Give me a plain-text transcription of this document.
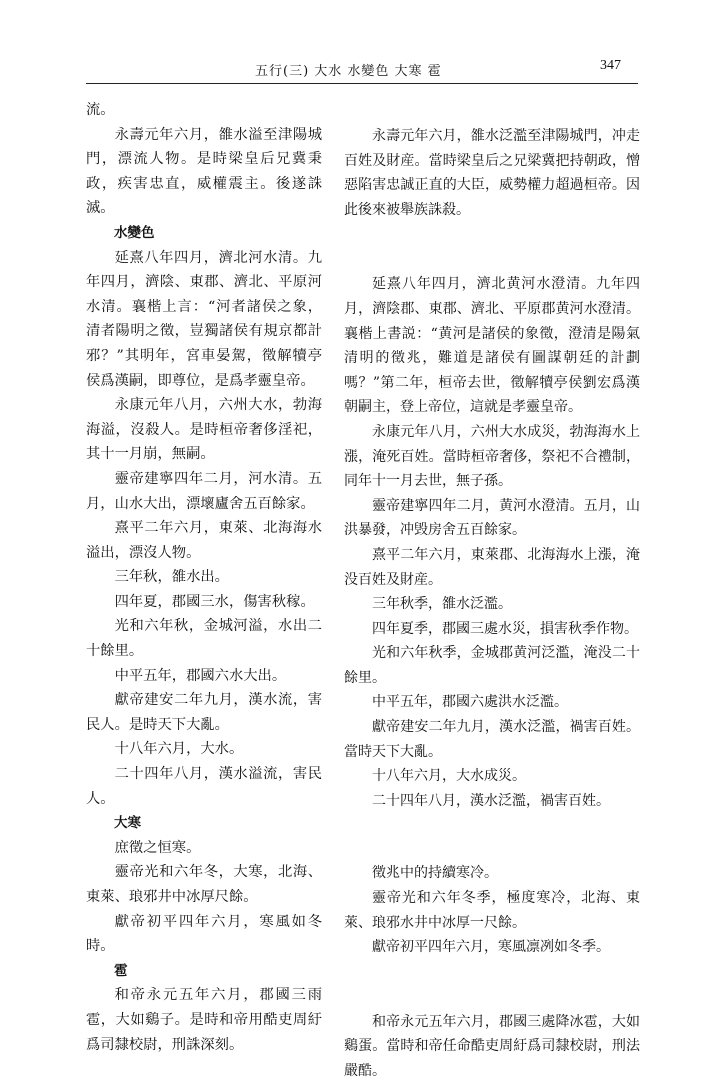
五行(三) 大水 水變色 大寒 雹	347

流。

永壽元年六月，雒水溢至津陽城門，漂流人物。是時梁皇后兄冀秉政，疾害忠直，威權震主。後遂誅滅。

水變色

延熹八年四月，濟北河水清。九年四月，濟陰、東郡、濟北、平原河水清。襄楷上言：“河者諸侯之象，清者陽明之徵，豈獨諸侯有規京都計邪？”其明年，宮車晏駕，徵解犢亭侯爲漢嗣，即尊位，是爲孝靈皇帝。

永康元年八月，六州大水，勃海海溢，沒殺人。是時桓帝奢侈淫祀，其十一月崩，無嗣。

靈帝建寧四年二月，河水清。五月，山水大出，漂壞廬舍五百餘家。

熹平二年六月，東萊、北海海水溢出，漂沒人物。

三年秋，雒水出。

四年夏，郡國三水，傷害秋稼。

光和六年秋，金城河溢，水出二十餘里。

中平五年，郡國六水大出。

獻帝建安二年九月，漢水流，害民人。是時天下大亂。

十八年六月，大水。

二十四年八月，漢水溢流，害民人。

大寒

庶徵之恒寒。

靈帝光和六年冬，大寒，北海、東萊、琅邪井中冰厚尺餘。

獻帝初平四年六月，寒風如冬時。

雹

和帝永元五年六月，郡國三雨雹，大如鷄子。是時和帝用酷吏周紆爲司隸校尉，刑誅深刻。

永壽元年六月，雒水泛濫至津陽城門，冲走百姓及財産。當時梁皇后之兄梁冀把持朝政，憎惡陷害忠誠正直的大臣，威勢權力超過桓帝。因此後來被舉族誅殺。

延熹八年四月，濟北黄河水澄清。九年四月，濟陰郡、東郡、濟北、平原郡黄河水澄清。襄楷上書説：“黄河是諸侯的象徵，澄清是陽氣清明的徵兆，難道是諸侯有圖謀朝廷的計劃嗎？”第二年，桓帝去世，徵解犢亭侯劉宏爲漢朝嗣主，登上帝位，這就是孝靈皇帝。

永康元年八月，六州大水成災，勃海海水上漲，淹死百姓。當時桓帝奢侈，祭祀不合禮制，同年十一月去世，無子孫。

靈帝建寧四年二月，黄河水澄清。五月，山洪暴發，冲毁房舍五百餘家。

熹平二年六月，東萊郡、北海海水上漲，淹没百姓及財産。

三年秋季，雒水泛濫。

四年夏季，郡國三處水災，損害秋季作物。

光和六年秋季，金城郡黄河泛濫，淹没二十餘里。

中平五年，郡國六處洪水泛濫。

獻帝建安二年九月，漢水泛濫，禍害百姓。當時天下大亂。

十八年六月，大水成災。

二十四年八月，漢水泛濫，禍害百姓。

徵兆中的持續寒冷。

靈帝光和六年冬季，極度寒冷，北海、東萊、琅邪水井中冰厚一尺餘。

獻帝初平四年六月，寒風凛冽如冬季。

和帝永元五年六月，郡國三處降冰雹，大如鷄蛋。當時和帝任命酷吏周紆爲司隸校尉，刑法嚴酷。
